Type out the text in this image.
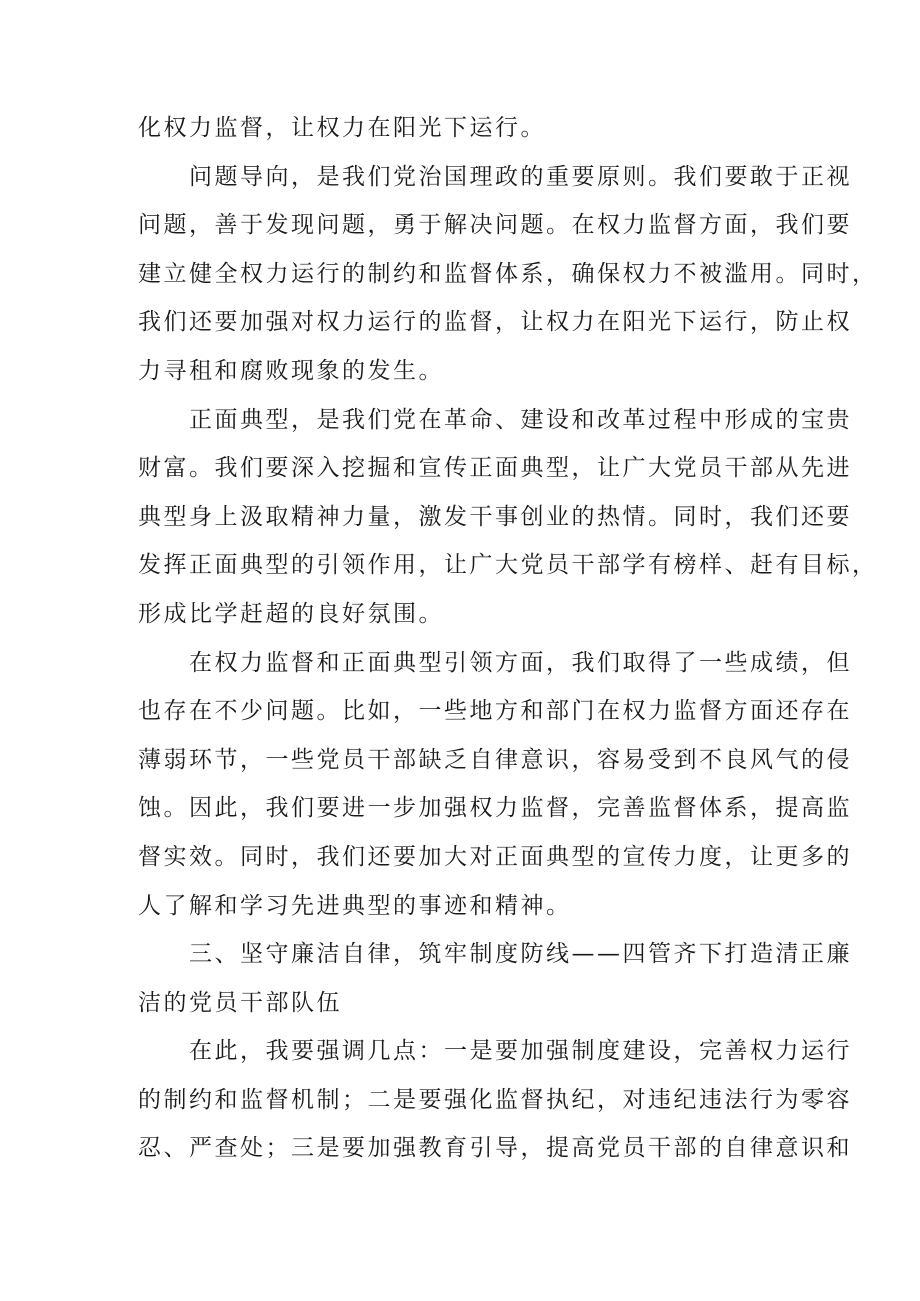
化权力监督，让权力在阳光下运行。
　　问题导向，是我们党治国理政的重要原则。我们要敢于正视
问题，善于发现问题，勇于解决问题。在权力监督方面，我们要
建立健全权力运行的制约和监督体系，确保权力不被滥用。同时，
我们还要加强对权力运行的监督，让权力在阳光下运行，防止权
力寻租和腐败现象的发生。
　　正面典型，是我们党在革命、建设和改革过程中形成的宝贵
财富。我们要深入挖掘和宣传正面典型，让广大党员干部从先进
典型身上汲取精神力量，激发干事创业的热情。同时，我们还要
发挥正面典型的引领作用，让广大党员干部学有榜样、赶有目标，
形成比学赶超的良好氛围。
　　在权力监督和正面典型引领方面，我们取得了一些成绩，但
也存在不少问题。比如，一些地方和部门在权力监督方面还存在
薄弱环节，一些党员干部缺乏自律意识，容易受到不良风气的侵
蚀。因此，我们要进一步加强权力监督，完善监督体系，提高监
督实效。同时，我们还要加大对正面典型的宣传力度，让更多的
人了解和学习先进典型的事迹和精神。
　　三、坚守廉洁自律，筑牢制度防线——四管齐下打造清正廉
洁的党员干部队伍
　　在此，我要强调几点：一是要加强制度建设，完善权力运行
的制约和监督机制；二是要强化监督执纪，对违纪违法行为零容
忍、严查处；三是要加强教育引导，提高党员干部的自律意识和
